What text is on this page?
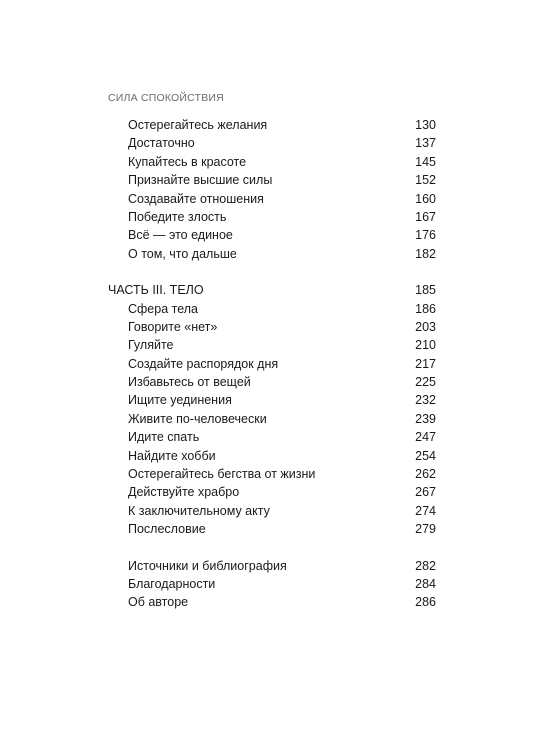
СИЛА СПОКОЙСТВИЯ
Остерегайтесь желания	130
Достаточно	137
Купайтесь в красоте	145
Признайте высшие силы	152
Создавайте отношения	160
Победите злость	167
Всё — это единое	176
О том, что дальше	182
ЧАСТЬ III. ТЕЛО	185
Сфера тела	186
Говорите «нет»	203
Гуляйте	210
Создайте распорядок дня	217
Избавьтесь от вещей	225
Ищите уединения	232
Живите по-человечески	239
Идите спать	247
Найдите хобби	254
Остерегайтесь бегства от жизни	262
Действуйте храбро	267
К заключительному акту	274
Послесловие	279
Источники и библиография	282
Благодарности	284
Об авторе	286
